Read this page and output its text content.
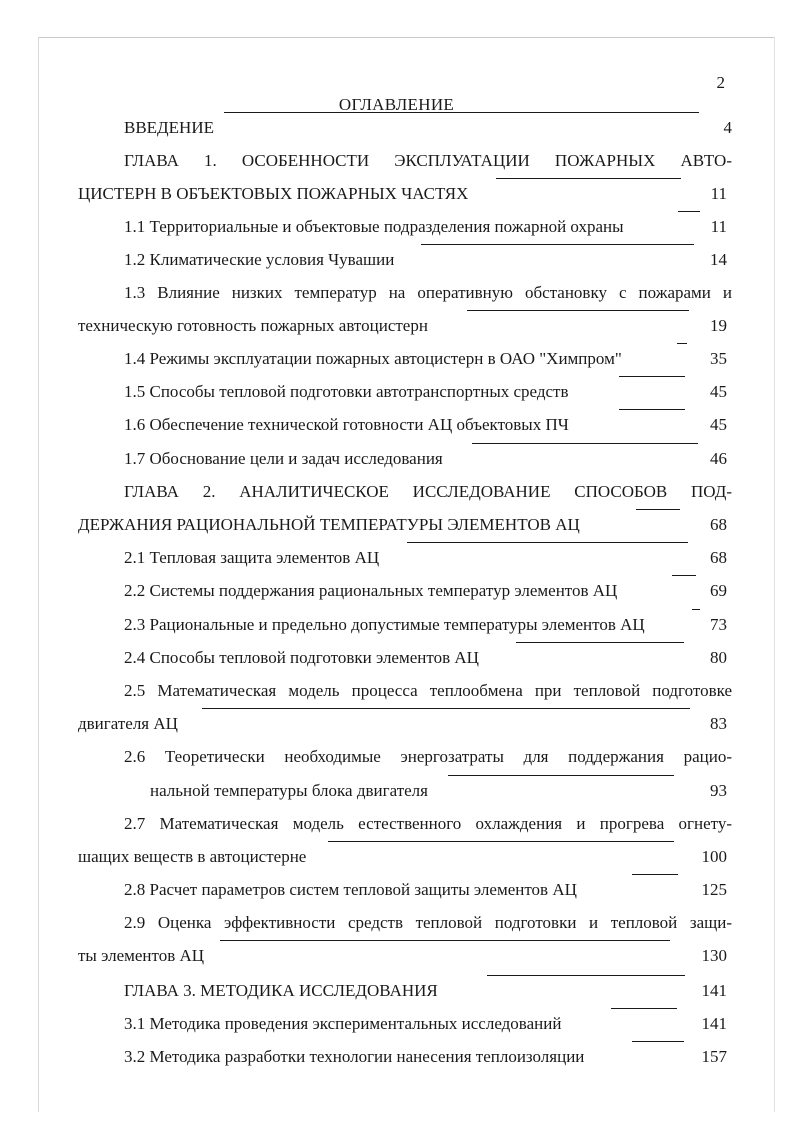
2
ОГЛАВЛЕНИЕ
ВВЕДЕНИЕ	4
ГЛАВА 1. ОСОБЕННОСТИ ЭКСПЛУАТАЦИИ ПОЖАРНЫХ АВТО-
ЦИСТЕРН В ОБЪЕКТОВЫХ ПОЖАРНЫХ ЧАСТЯХ	11
1.1 Территориальные и объектовые подразделения пожарной охраны	11
1.2 Климатические условия Чувашии	14
1.3 Влияние низких температур на оперативную обстановку с пожарами и
техническую готовность пожарных автоцистерн	19
1.4 Режимы эксплуатации пожарных автоцистерн в ОАО "Химпром"	35
1.5 Способы тепловой подготовки автотранспортных средств	45
1.6 Обеспечение технической готовности АЦ объектовых ПЧ	45
1.7 Обоснование цели и задач исследования	46
ГЛАВА 2. АНАЛИТИЧЕСКОЕ ИССЛЕДОВАНИЕ СПОСОБОВ ПОД-
ДЕРЖАНИЯ РАЦИОНАЛЬНОЙ ТЕМПЕРАТУРЫ ЭЛЕМЕНТОВ АЦ	68
2.1 Тепловая защита элементов АЦ	68
2.2 Системы поддержания рациональных температур элементов АЦ	69
2.3 Рациональные и предельно допустимые температуры элементов АЦ	73
2.4 Способы тепловой подготовки элементов АЦ	80
2.5 Математическая модель процесса теплообмена при тепловой подготовке
двигателя АЦ	83
2.6 Теоретически необходимые энергозатраты для поддержания рацио-
нальной температуры блока двигателя	93
2.7 Математическая модель естественного охлаждения и прогрева огнету-
шащих веществ в автоцистерне	100
2.8 Расчет параметров систем тепловой защиты элементов АЦ	125
2.9 Оценка эффективности средств тепловой подготовки и тепловой защи-
ты элементов АЦ	130
ГЛАВА 3. МЕТОДИКА ИССЛЕДОВАНИЯ	141
3.1 Методика проведения экспериментальных исследований	141
3.2 Методика разработки технологии нанесения теплоизоляции	157
